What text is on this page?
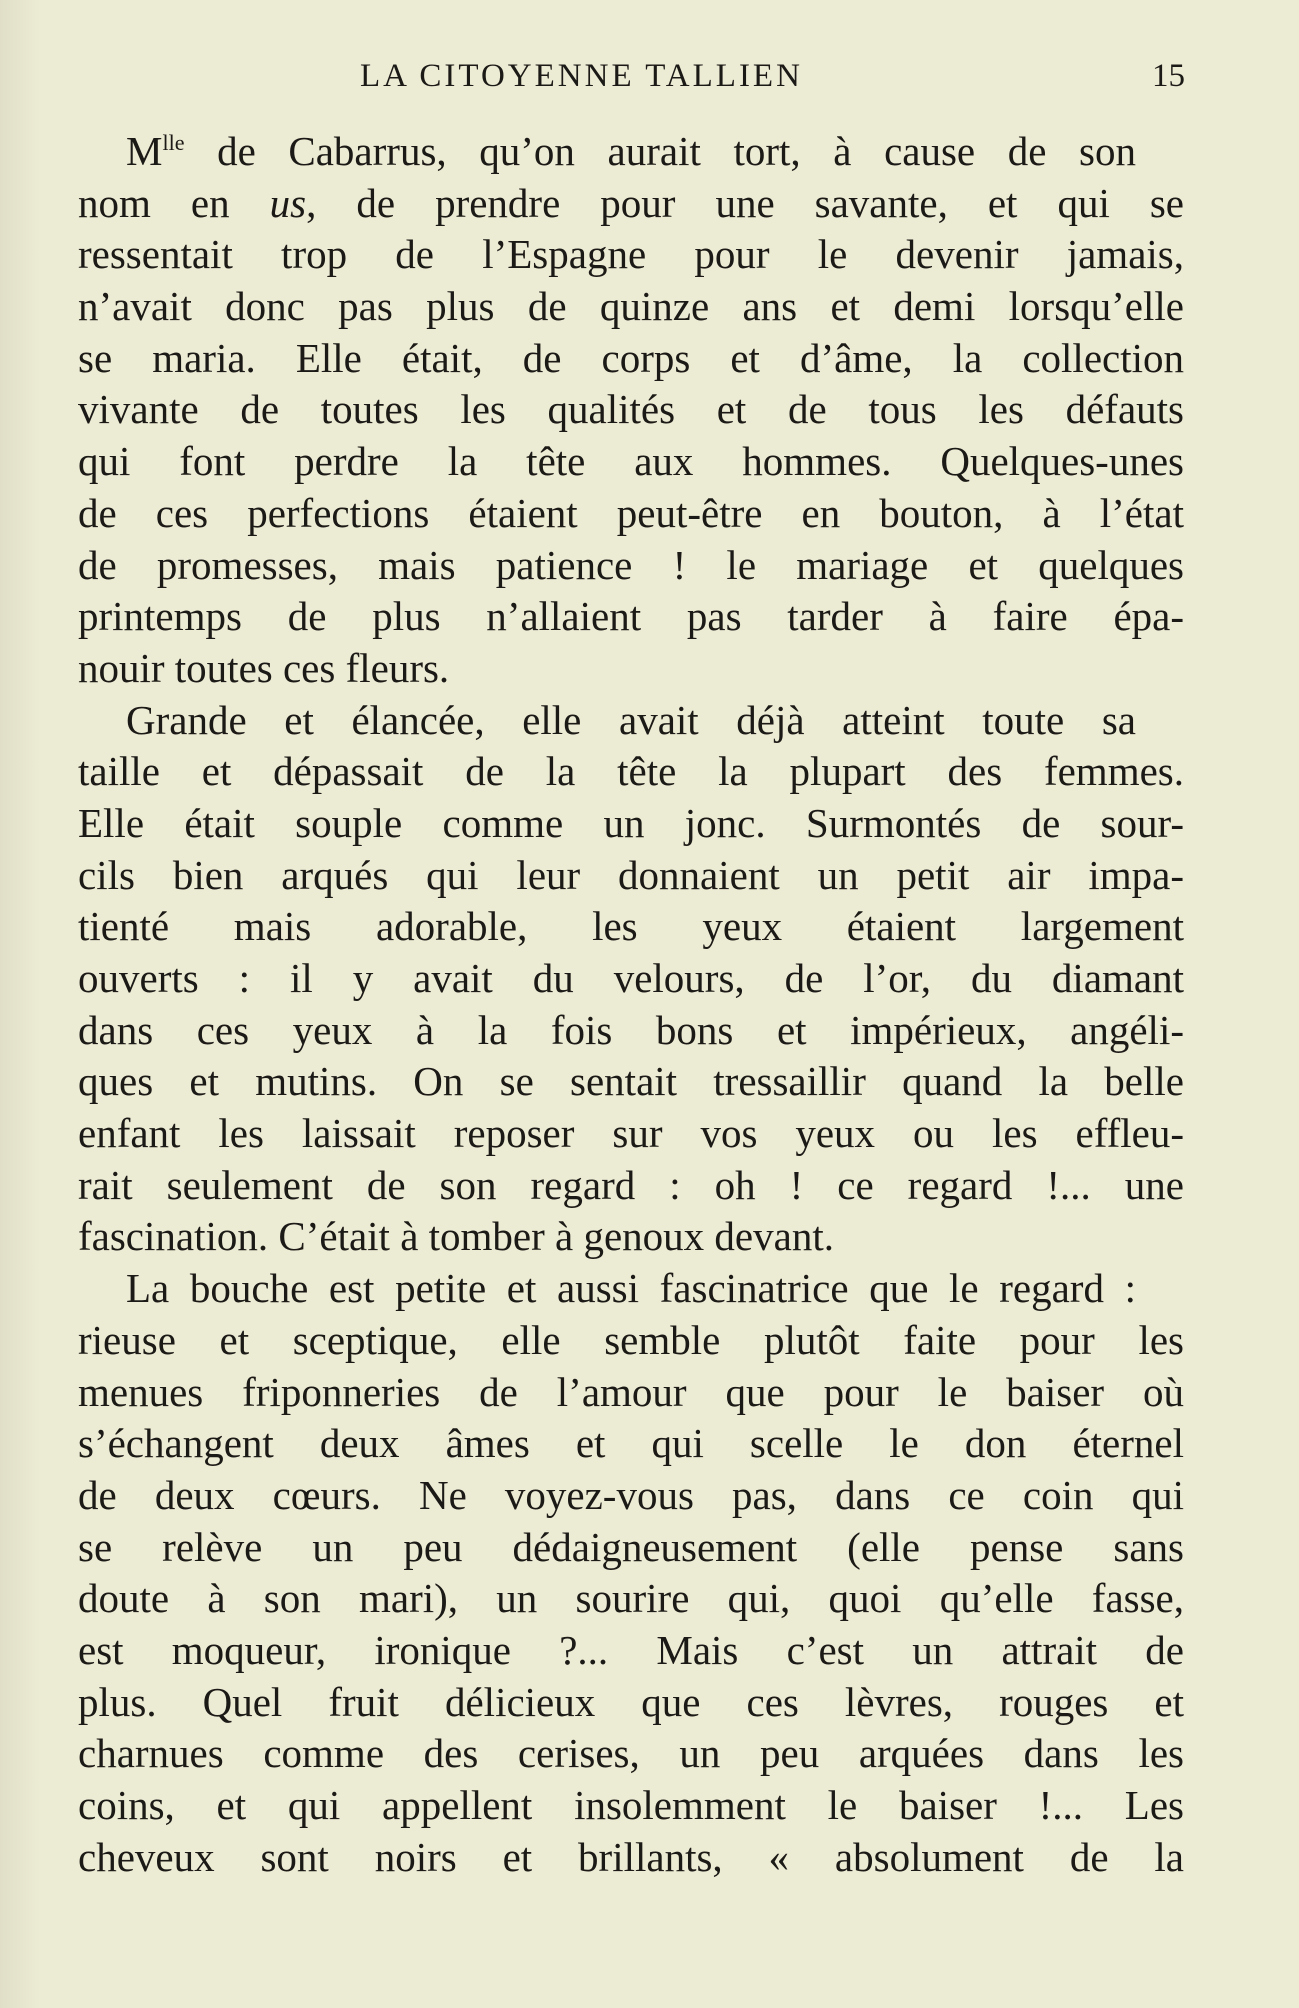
LA CITOYENNE TALLIEN	15
$M^{lle}$ de Cabarrus, qu’on aurait tort, à cause de son
nom en us, de prendre pour une savante, et qui se
ressentait trop de l’Espagne pour le devenir jamais,
n’avait donc pas plus de quinze ans et demi lorsqu’elle
se maria. Elle était, de corps et d’âme, la collection
vivante de toutes les qualités et de tous les défauts
qui font perdre la tête aux hommes. Quelques-unes
de ces perfections étaient peut-être en bouton, à l’état
de promesses, mais patience ! le mariage et quelques
printemps de plus n’allaient pas tarder à faire épa-
nouir toutes ces fleurs.
Grande et élancée, elle avait déjà atteint toute sa
taille et dépassait de la tête la plupart des femmes.
Elle était souple comme un jonc. Surmontés de sour-
cils bien arqués qui leur donnaient un petit air impa-
tienté mais adorable, les yeux étaient largement
ouverts : il y avait du velours, de l’or, du diamant
dans ces yeux à la fois bons et impérieux, angéli-
ques et mutins. On se sentait tressaillir quand la belle
enfant les laissait reposer sur vos yeux ou les effleu-
rait seulement de son regard : oh ! ce regard !... une
fascination. C’était à tomber à genoux devant.
La bouche est petite et aussi fascinatrice que le regard :
rieuse et sceptique, elle semble plutôt faite pour les
menues friponneries de l’amour que pour le baiser où
s’échangent deux âmes et qui scelle le don éternel
de deux cœurs. Ne voyez-vous pas, dans ce coin qui
se relève un peu dédaigneusement (elle pense sans
doute à son mari), un sourire qui, quoi qu’elle fasse,
est moqueur, ironique ?... Mais c’est un attrait de
plus. Quel fruit délicieux que ces lèvres, rouges et
charnues comme des cerises, un peu arquées dans les
coins, et qui appellent insolemment le baiser !... Les
cheveux sont noirs et brillants, « absolument de la
